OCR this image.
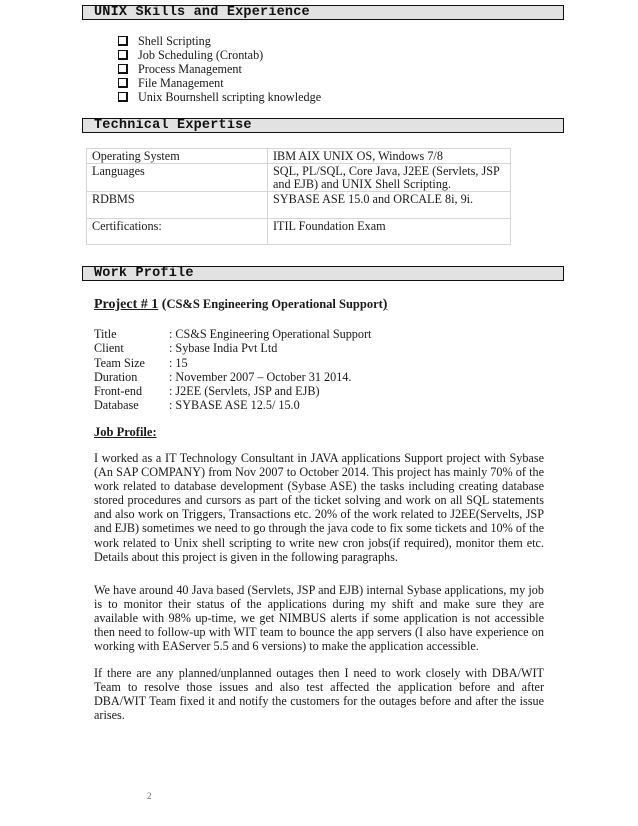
UNIX Skills and Experience
Shell Scripting
Job Scheduling (Crontab)
Process Management
File Management
Unix Bournshell scripting knowledge
Technical Expertise
Operating System	IBM AIX UNIX OS, Windows 7/8
Languages	SQL, PL/SQL, Core Java, J2EE (Servlets, JSP and EJB) and UNIX Shell Scripting.
RDBMS	SYBASE ASE 15.0 and ORCALE 8i, 9i.
Certifications:	ITIL Foundation Exam
Work Profile
Project # 1 (CS&S Engineering Operational Support)
Title	: CS&S Engineering Operational Support
Client	: Sybase India Pvt Ltd
Team Size	: 15
Duration	: November 2007 – October 31 2014.
Front-end	: J2EE (Servlets, JSP and EJB)
Database	: SYBASE ASE 12.5/ 15.0
Job Profile:

I worked as a IT Technology Consultant in JAVA applications Support project with Sybase (An SAP COMPANY) from Nov 2007 to October 2014. This project has mainly 70% of the work related to database development (Sybase ASE) the tasks including creating database stored procedures and cursors as part of the ticket solving and work on all SQL statements and also work on Triggers, Transactions etc. 20% of the work related to J2EE(Servelts, JSP and EJB) sometimes we need to go through the java code to fix some tickets and 10% of the work related to Unix shell scripting to write new cron jobs(if required), monitor them etc. Details about this project is given in the following paragraphs.

We have around 40 Java based (Servlets, JSP and EJB) internal Sybase applications, my job is to monitor their status of the applications during my shift and make sure they are available with 98% up-time, we get NIMBUS alerts if some application is not accessible then need to follow-up with WIT team to bounce the app servers (I also have experience on working with EAServer 5.5 and 6 versions) to make the application accessible.

If there are any planned/unplanned outages then I need to work closely with DBA/WIT Team to resolve those issues and also test affected the application before and after DBA/WIT Team fixed it and notify the customers for the outages before and after the issue arises.

2
